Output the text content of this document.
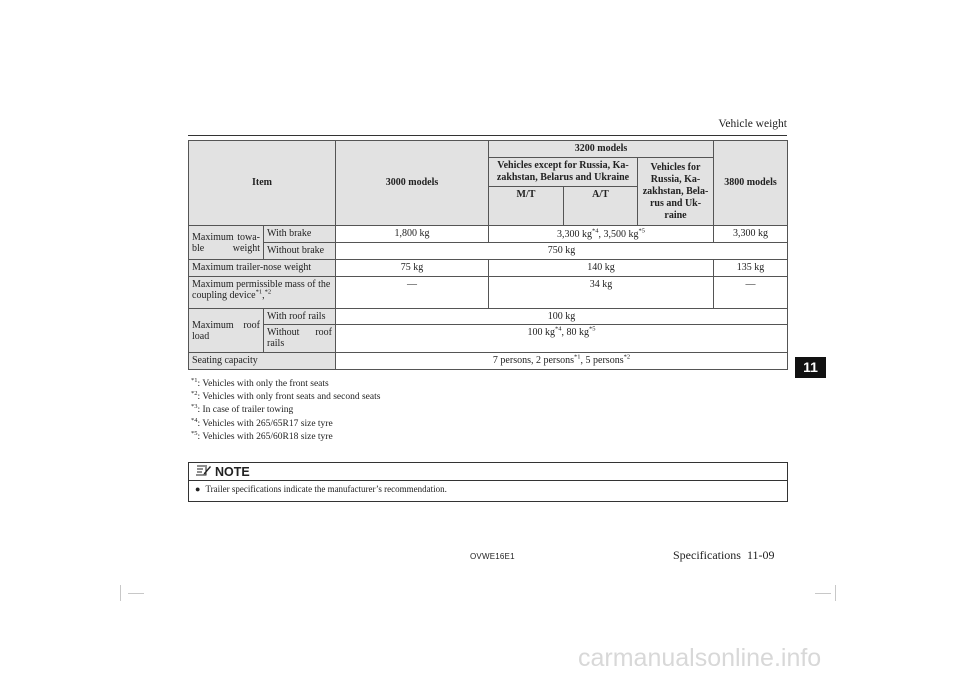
Vehicle weight
11
Item		3000 models	3200 models			3800 models
			Vehicles except for Russia, Ka-zakhstan, Belarus and Ukraine		Vehicles for Russia, Ka-zakhstan, Bela-rus and Uk-raine	
			M/T	A/T		
Maximum towa-ble weight	With brake	1,800 kg	3,300 $kg^{*4}$, 3,500 $kg^{*5}$			3,300 kg
	Without brake	750 kg				
Maximum trailer-nose weight		75 kg	140 kg			135 kg
Maximum permissible mass of the coupling device$^{*1}$,$^{*2}$		—	34 kg			—
Maximum roof load	With roof rails	100 kg				
	Without roof rails	100 $kg^{*4}$, 80 $kg^{*5}$
Seating capacity		7 persons, 2 persons$^{*1}$, 5 persons$^{*2}$
$^{*1}$: Vehicles with only the front seats
$^{*2}$: Vehicles with only front seats and second seats
$^{*3}$: In case of trailer towing
$^{*4}$: Vehicles with 265/65R17 size tyre
$^{*5}$: Vehicles with 265/60R18 size tyre
NOTE
● Trailer specifications indicate the manufacturer’s recommendation.
OVWE16E1	Specifications 11-09
carmanualsonline.info
